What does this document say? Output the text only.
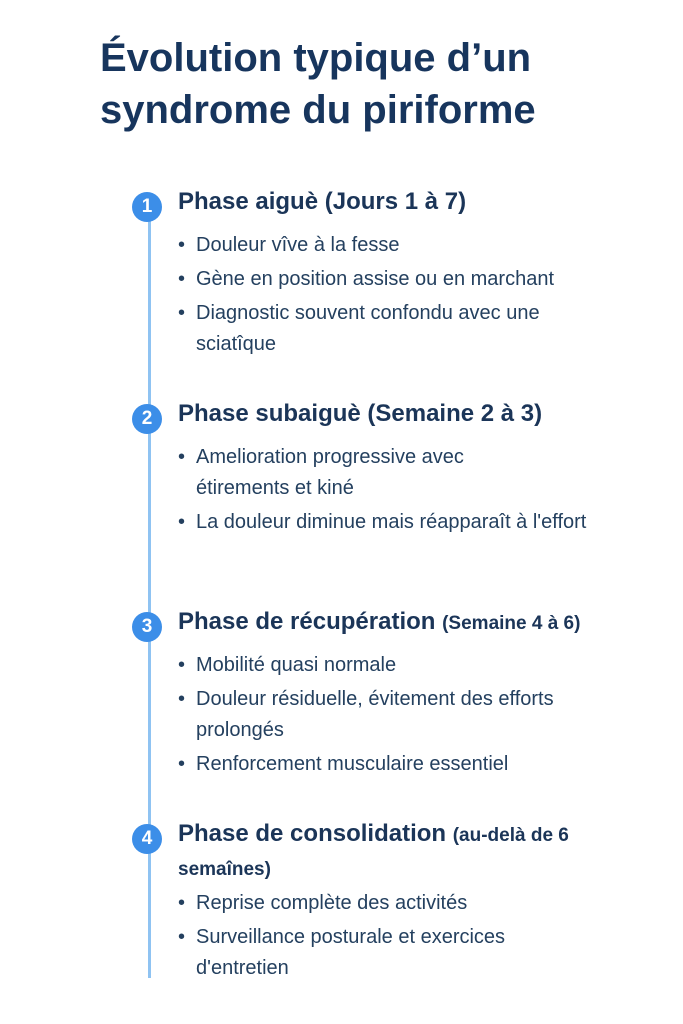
Évolution typique d’un syndrome du piriforme
1	Phase aiguè (Jours 1 à 7)
• Douleur vîve à la fesse
• Gène en position assise ou en marchant
• Diagnostic souvent confondu avec une sciatîque
2	Phase subaiguè (Semaine 2 à 3)
• Amelioration progressive avec étirements et kiné
• La douleur diminue mais réapparaît à l'effort
3	Phase de récupération (Semaine 4 à 6)
• Mobilité quasi normale
• Douleur résiduelle, évitement des efforts prolongés
• Renforcement musculaire essentiel
4	Phase de consolidation (au-delà de 6 semaînes)
• Reprise complète des activités
• Surveillance posturale et exercices d'entretien
